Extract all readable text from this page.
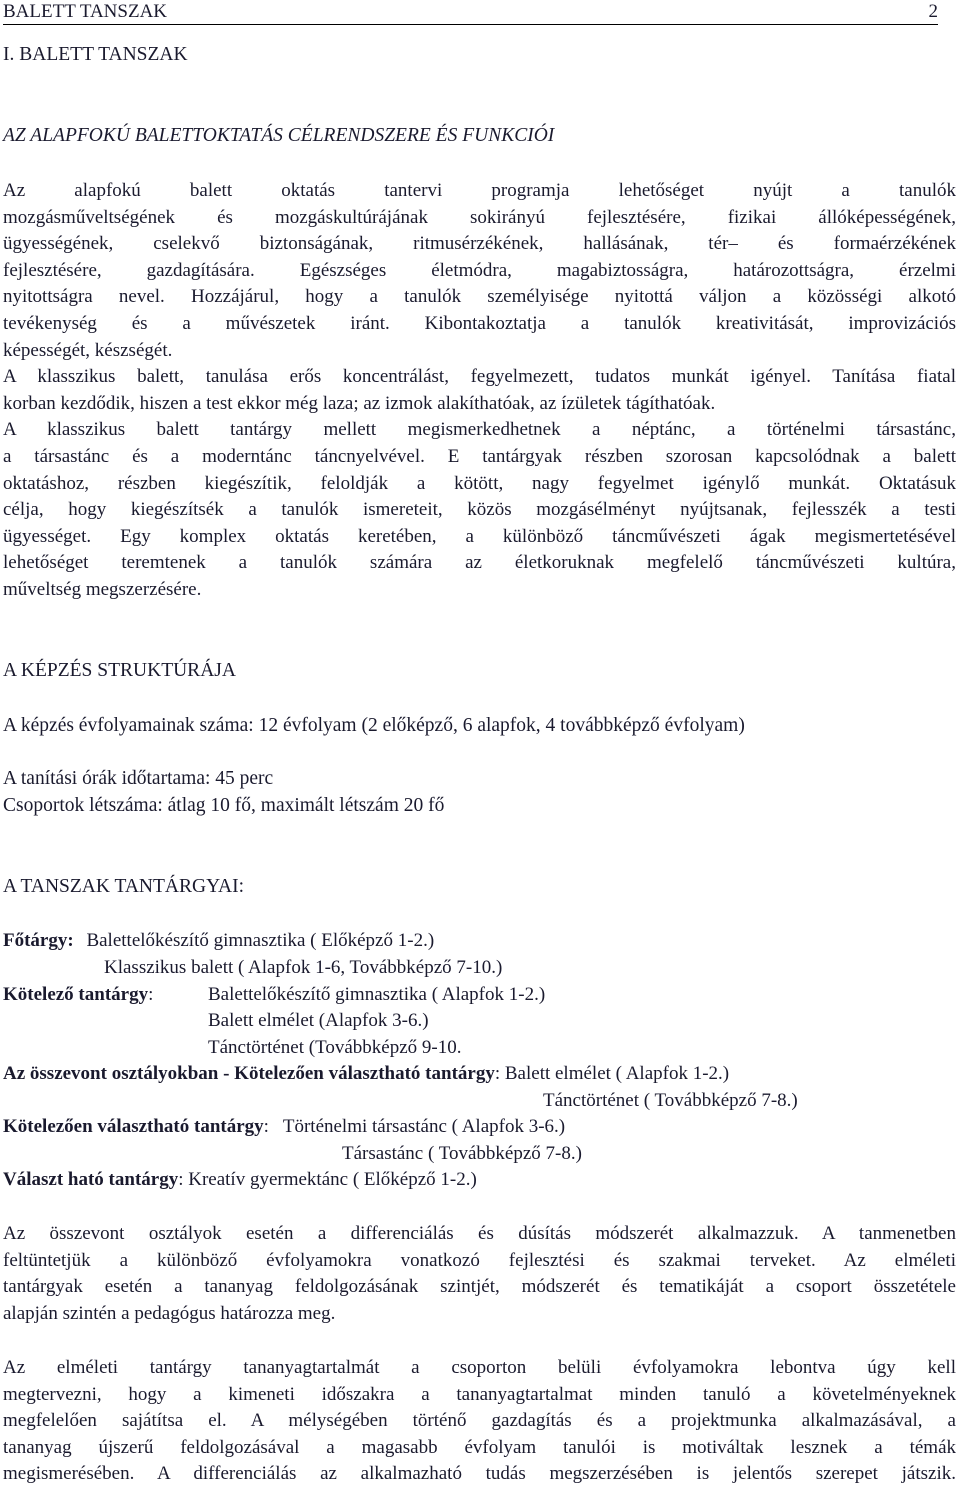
BALETT TANSZAK	2
I. BALETT TANSZAK
AZ ALAPFOKÚ BALETTOKTATÁS CÉLRENDSZERE ÉS FUNKCIÓI
Az alapfokú balett oktatás tantervi programja lehetőséget nyújt a tanulók
mozgásműveltségének és mozgáskultúrájának sokirányú fejlesztésére, fizikai állóképességének,
ügyességének, cselekvő biztonságának, ritmusérzékének, hallásának, tér– és formaérzékének
fejlesztésére, gazdagítására. Egészséges életmódra, magabiztosságra, határozottságra, érzelmi
nyitottságra nevel. Hozzájárul, hogy a tanulók személyisége nyitottá váljon a közösségi alkotó
tevékenység és a művészetek iránt. Kibontakoztatja a tanulók kreativitását, improvizációs
képességét, készségét.
A klasszikus balett, tanulása erős koncentrálást, fegyelmezett, tudatos munkát igényel. Tanítása fiatal
korban kezdődik, hiszen a test ekkor még laza; az izmok alakíthatóak, az ízületek tágíthatóak.
A klasszikus balett tantárgy mellett megismerkedhetnek a néptánc, a történelmi társastánc,
a társastánc és a moderntánc táncnyelvével. E tantárgyak részben szorosan kapcsolódnak a balett
oktatáshoz, részben kiegészítik, feloldják a kötött, nagy fegyelmet igénylő munkát. Oktatásuk
célja, hogy kiegészítsék a tanulók ismereteit, közös mozgásélményt nyújtsanak, fejlesszék a testi
ügyességet. Egy komplex oktatás keretében, a különböző táncművészeti ágak megismertetésével
lehetőséget teremtenek a tanulók számára az életkoruknak megfelelő táncművészeti kultúra,
műveltség megszerzésére.
A KÉPZÉS STRUKTÚRÁJA
A képzés évfolyamainak száma: 12 évfolyam (2 előképző, 6 alapfok, 4 továbbképző évfolyam)
A tanítási órák időtartama: 45 perc
Csoportok létszáma: átlag 10 fő, maximált létszám 20 fő
A TANSZAK TANTÁRGYAI:
Főtárgy: Balettelőkészítő gimnasztika ( Előképző 1-2.)
Klasszikus balett ( Alapfok 1-6, Továbbképző 7-10.)
Kötelező tantárgy:	Balettelőkészítő gimnasztika ( Alapfok 1-2.)
Balett elmélet (Alapfok 3-6.)
Tánctörténet (Továbbképző 9-10.
Az összevont osztályokban - Kötelezően választható tantárgy: Balett elmélet ( Alapfok 1-2.)
Tánctörténet ( Továbbképző 7-8.)
Kötelezően választható tantárgy:   Történelmi társastánc ( Alapfok 3-6.)
Társastánc ( Továbbképző 7-8.)
Választ ható tantárgy: Kreatív gyermektánc ( Előképző 1-2.)
Az összevont osztályok esetén a differenciálás és dúsítás módszerét alkalmazzuk. A tanmenetben
feltüntetjük a különböző évfolyamokra vonatkozó fejlesztési és szakmai terveket. Az elméleti
tantárgyak esetén a tananyag feldolgozásának szintjét, módszerét és tematikáját a csoport összetétele
alapján szintén a pedagógus határozza meg.
Az elméleti tantárgy tananyagtartalmát a csoporton belüli évfolyamokra lebontva úgy kell
megtervezni, hogy a kimeneti időszakra a tananyagtartalmat minden tanuló a követelményeknek
megfelelően sajátítsa el. A mélységében történő gazdagítás és a projektmunka alkalmazásával, a
tananyag újszerű feldolgozásával a magasabb évfolyam tanulói is motiváltak lesznek a témák
megismerésében. A differenciálás az alkalmazható tudás megszerzésében is jelentős szerepet játszik.
